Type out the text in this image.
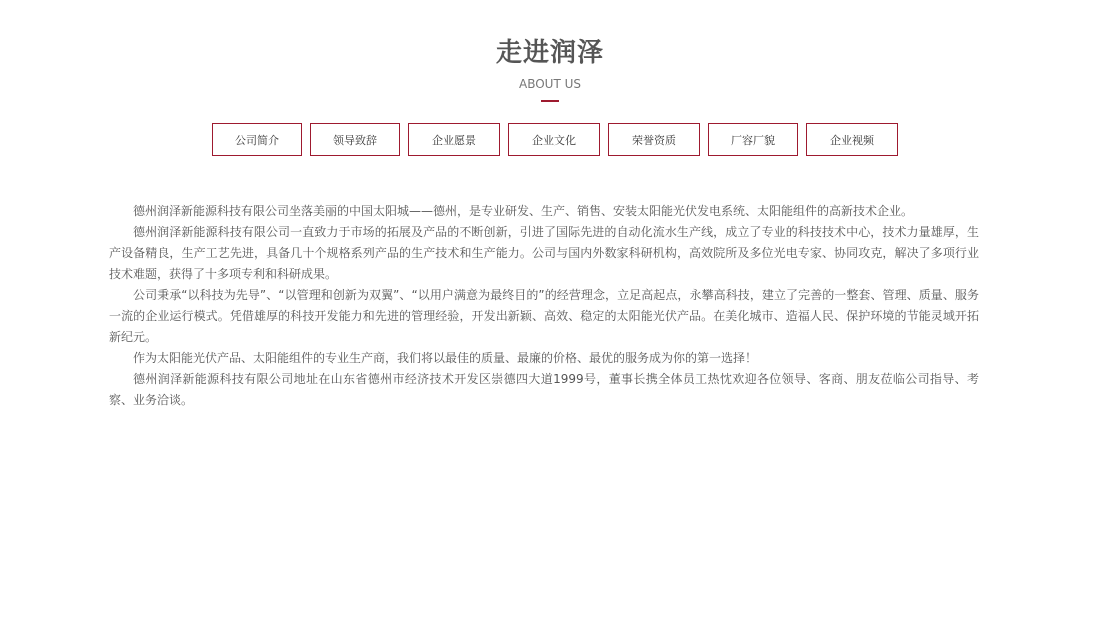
走进润泽
ABOUT US
公司简介	领导致辞	企业愿景	企业文化	荣誉资质	厂容厂貌	企业视频

德州润泽新能源科技有限公司坐落美丽的中国太阳城——德州，是专业研发、生产、销售、安装太阳能光伏发电系统、太阳能组件的高新技术企业。

德州润泽新能源科技有限公司一直致力于市场的拓展及产品的不断创新，引进了国际先进的自动化流水生产线，成立了专业的科技技术中心，技术力量雄厚，生产设备精良，生产工艺先进，具备几十个规格系列产品的生产技术和生产能力。公司与国内外数家科研机构，高效院所及多位光电专家、协同攻克，解决了多项行业技术难题，获得了十多项专利和科研成果。

公司秉承“以科技为先导”、“以管理和创新为双翼”、“以用户满意为最终目的”的经营理念，立足高起点，永攀高科技，建立了完善的一整套、管理、质量、服务一流的企业运行模式。凭借雄厚的科技开发能力和先进的管理经验，开发出新颖、高效、稳定的太阳能光伏产品。在美化城市、造福人民、保护环境的节能灵域开拓新纪元。

作为太阳能光伏产品、太阳能组件的专业生产商，我们将以最佳的质量、最廉的价格、最优的服务成为你的第一选择！

德州润泽新能源科技有限公司地址在山东省德州市经济技术开发区崇德四大道1999号，董事长携全体员工热忱欢迎各位领导、客商、朋友莅临公司指导、考察、业务洽谈。
